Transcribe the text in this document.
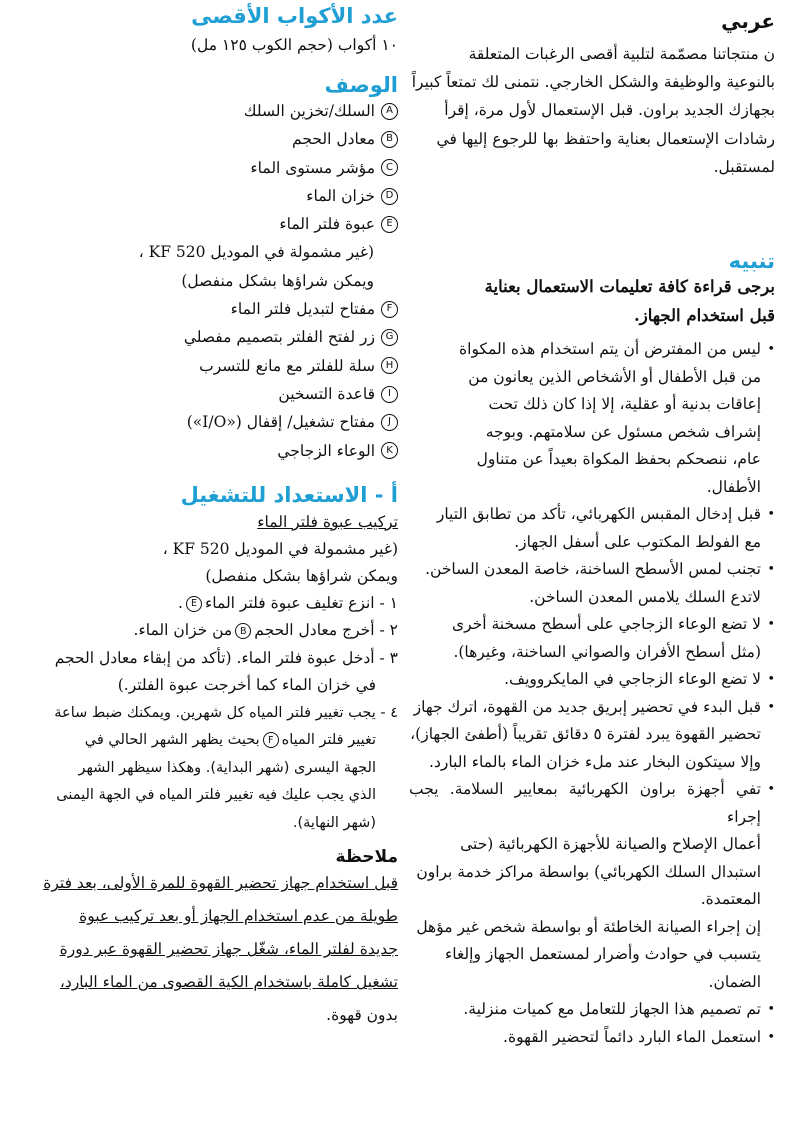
عربي

ن منتجاتنا مصمّمة لتلبية أقصى الرغبات المتعلقة

بالنوعية والوظيفة والشكل الخارجي. نتمنى لك تمتعاً كبيراً

بجهازك الجديد براون. قبل الإستعمال لأول مرة، إقرأ

رشادات الإستعمال بعناية واحتفظ بها للرجوع إليها في

لمستقبل.

تنبيه

برجى قراءة كافة تعليمات الاستعمال بعناية

قبل استخدام الجهاز.

• ليس من المفترض أن يتم استخدام هذه المكواة
من قبل الأطفال أو الأشخاص الذين يعانون من
إعاقات بدنية أو عقلية، إلا إذا كان ذلك تحت
إشراف شخص مسئول عن سلامتهم. وبوجه
عام، ننصحكم بحفظ المكواة بعيداً عن متناول
الأطفال.
• قبل إدخال المقبس الكهربائي، تأكد من تطابق التيار
مع الفولط المكتوب على أسفل الجهاز.
• تجنب لمس الأسطح الساخنة، خاصة المعدن الساخن.
لاتدع السلك يلامس المعدن الساخن.
• لا تضع الوعاء الزجاجي على أسطح مسخنة أخرى
(مثل أسطح الأفران والصواني الساخنة، وغيرها).
• لا تضع الوعاء الزجاجي في المايكروويف.
• قبل البدء في تحضير إبريق جديد من القهوة، اترك جهاز
تحضير القهوة يبرد لفترة ٥ دقائق تقريباً (أطفئ الجهاز)،
وإلا سيتكون البخار عند ملء خزان الماء بالماء البارد.
• تفي أجهزة براون الكهربائية بمعايير السلامة. يجب إجراء
أعمال الإصلاح والصيانة للأجهزة الكهربائية (حتى
استبدال السلك الكهربائي) بواسطة مراكز خدمة براون
المعتمدة.

إن إجراء الصيانة الخاطئة أو بواسطة شخص غير مؤهل

يتسبب في حوادث وأضرار لمستعمل الجهاز وإلغاء

الضمان.

• تم تصميم هذا الجهاز للتعامل مع كميات منزلية.
• استعمل الماء البارد دائماً لتحضير القهوة.
عدد الأكواب الأقصى

١٠ أكواب (حجم الكوب ١٢٥ مل)

الوصف
A
السلك/تخزين السلك
B
معادل الحجم
C
مؤشر مستوى الماء
D
خزان الماء
E
عبوة فلتر الماء
(غير مشمولة في الموديل KF 520 ،
ويمكن شراؤها بشكل منفصل)
F
مفتاح لتبديل فلتر الماء
G
زر لفتح الفلتر بتصميم مفصلي
H
سلة للفلتر مع مانع للتسرب
I
قاعدة التسخين
J
مفتاح تشغيل/ إقفال («I/O»)
K
الوعاء الزجاجي
أ - الاستعداد للتشغيل

تركيب عبوة فلتر الماء

(غير مشمولة في الموديل KF 520 ،

ويمكن شراؤها بشكل منفصل)

١ - انزع تغليف عبوة فلتر الماءE.
٢ - أخرج معادل الحجمBمن خزان الماء.
٣ - أدخل عبوة فلتر الماء. (تأكد من إبقاء معادل الحجم
في خزان الماء كما أخرجت عبوة الفلتر.)
٤ - يجب تغيير فلتر المياه كل شهرين. ويمكنك ضبط ساعة
تغيير فلتر المياهFبحيث يظهر الشهر الحالي في
الجهة اليسرى (شهر البداية). وهكذا سيظهر الشهر
الذي يجب عليك فيه تغيير فلتر المياه في الجهة اليمنى
(شهر النهاية).
ملاحظة

قبل استخدام جهاز تحضير القهوة للمرة الأولى، بعد فترة

طويلة من عدم استخدام الجهاز أو بعد تركيب عبوة

جديدة لفلتر الماء، شغّل جهاز تحضير القهوة عبر دورة

تشغيل كاملة باستخدام الكية القصوى من الماء البارد،

بدون قهوة.
